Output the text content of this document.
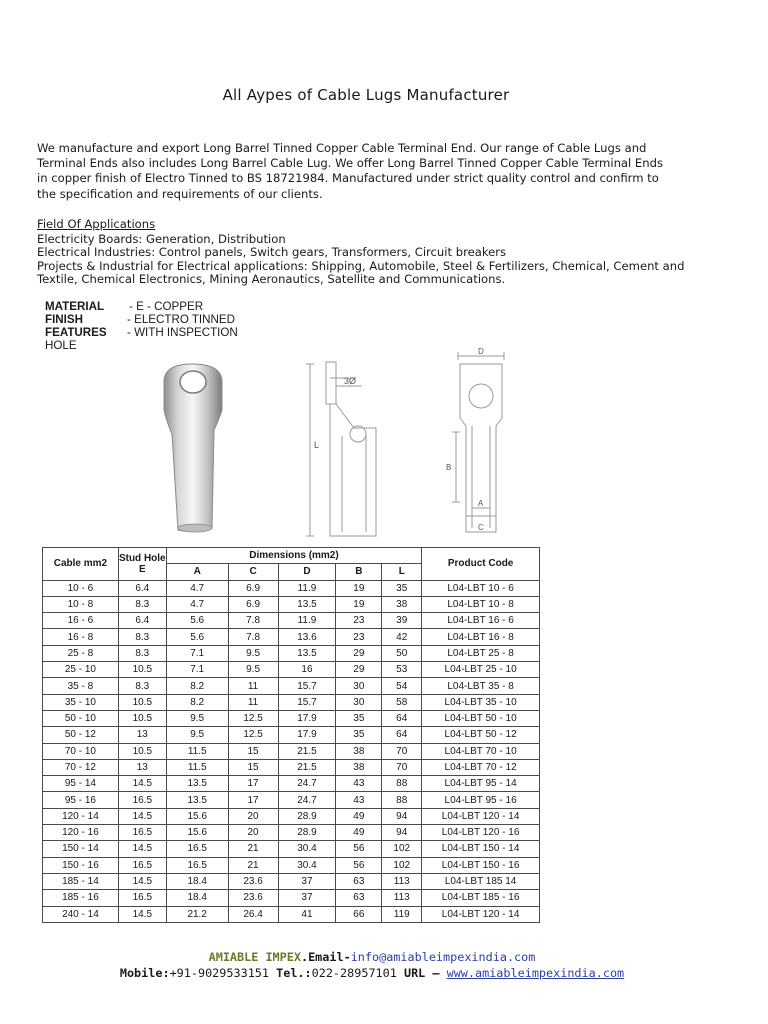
All Aypes of Cable Lugs Manufacturer
We manufacture and export Long Barrel Tinned Copper Cable Terminal End. Our range of Cable Lugs and Terminal Ends also includes Long Barrel Cable Lug. We offer Long Barrel Tinned Copper Cable Terminal Ends in copper finish of Electro Tinned to BS 18721984. Manufactured under strict quality control and confirm to the specification and requirements of our clients.
Field Of Applications
Electricity Boards: Generation, Distribution
Electrical Industries: Control panels, Switch gears, Transformers, Circuit breakers
Projects & Industrial for Electrical applications: Shipping, Automobile, Steel & Fertilizers, Chemical, Cement and Textile, Chemical Electronics, Mining Aeronautics, Satellite and Communications.
MATERIAL	- E - COPPER
FINISH	- ELECTRO TINNED
FEATURES	- WITH INSPECTION
HOLE
3Ø
L
D
B
A
C
Cable mm2	Stud Hole E	Dimensions (mm2)					Product Code
		A	C	D	B	L	
10 - 6	6.4	4.7	6.9	11.9	19	35	L04-LBT 10 - 6
10 - 8	8.3	4.7	6.9	13.5	19	38	L04-LBT 10 - 8
16 - 6	6.4	5.6	7.8	11.9	23	39	L04-LBT 16 - 6
16 - 8	8.3	5.6	7.8	13.6	23	42	L04-LBT 16 - 8
25 - 8	8.3	7.1	9.5	13.5	29	50	L04-LBT 25 - 8
25 - 10	10.5	7.1	9.5	16	29	53	L04-LBT 25 - 10
35 - 8	8.3	8.2	11	15.7	30	54	L04-LBT 35 - 8
35 - 10	10.5	8.2	11	15.7	30	58	L04-LBT 35 - 10
50 - 10	10.5	9.5	12.5	17.9	35	64	L04-LBT 50 - 10
50 - 12	13	9.5	12.5	17.9	35	64	L04-LBT 50 - 12
70 - 10	10.5	11.5	15	21.5	38	70	L04-LBT 70 - 10
70 - 12	13	11.5	15	21.5	38	70	L04-LBT 70 - 12
95 - 14	14.5	13.5	17	24.7	43	88	L04-LBT 95 - 14
95 - 16	16.5	13.5	17	24.7	43	88	L04-LBT 95 - 16
120 - 14	14.5	15.6	20	28.9	49	94	L04-LBT 120 - 14
120 - 16	16.5	15.6	20	28.9	49	94	L04-LBT 120 - 16
150 - 14	14.5	16.5	21	30.4	56	102	L04-LBT 150 - 14
150 - 16	16.5	16.5	21	30.4	56	102	L04-LBT 150 - 16
185 - 14	14.5	18.4	23.6	37	63	113	L04-LBT 185 14
185 - 16	16.5	18.4	23.6	37	63	113	L04-LBT 185 - 16
240 - 14	14.5	21.2	26.4	41	66	119	L04-LBT 120 - 14
AMIABLE IMPEX.Email-info@amiableimpexindia.com
Mobile:+91-9029533151 Tel.:022-28957101 URL – www.amiableimpexindia.com
